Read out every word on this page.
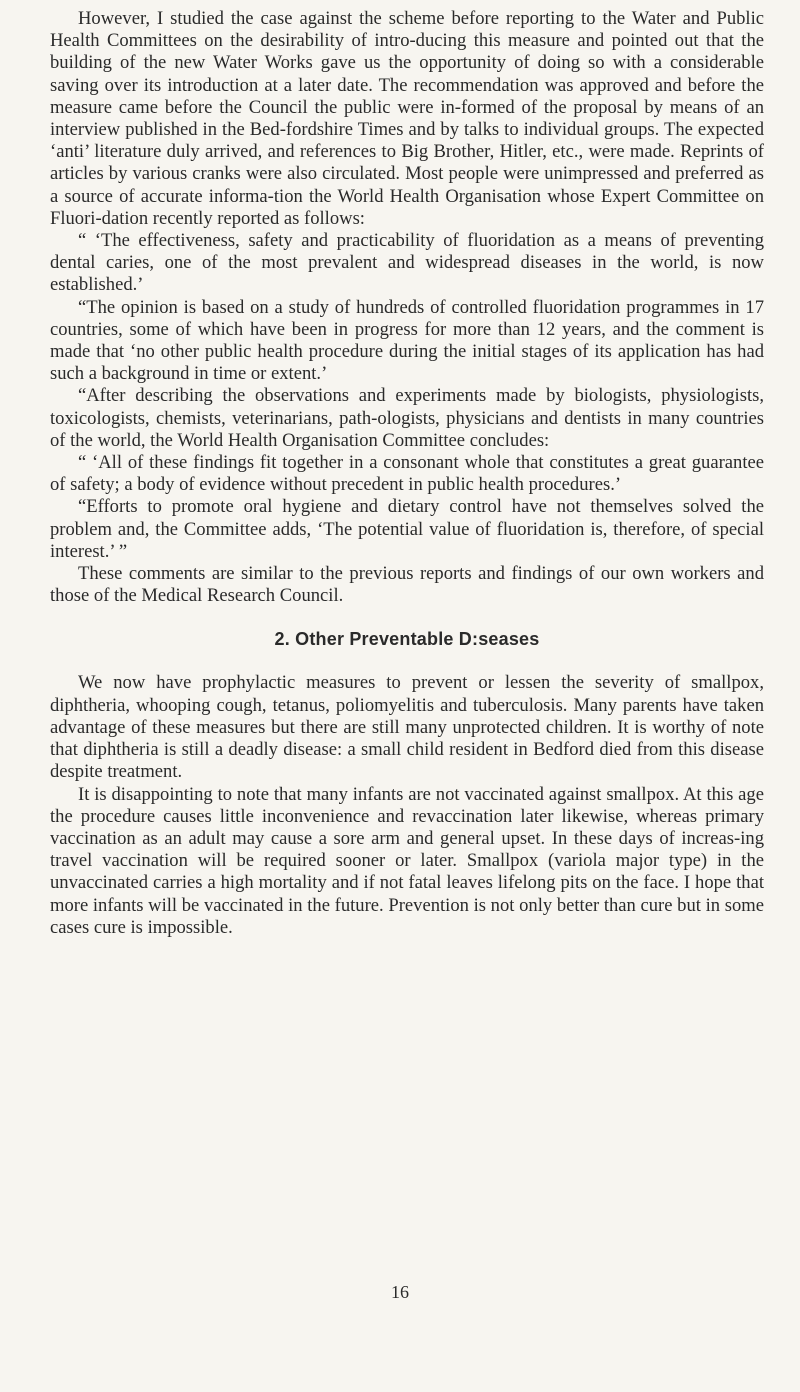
However, I studied the case against the scheme before reporting to the Water and Public Health Committees on the desirability of intro-ducing this measure and pointed out that the building of the new Water Works gave us the opportunity of doing so with a considerable saving over its introduction at a later date. The recommendation was approved and before the measure came before the Council the public were in-formed of the proposal by means of an interview published in the Bed-fordshire Times and by talks to individual groups. The expected ‘anti’ literature duly arrived, and references to Big Brother, Hitler, etc., were made. Reprints of articles by various cranks were also circulated. Most people were unimpressed and preferred as a source of accurate informa-tion the World Health Organisation whose Expert Committee on Fluori-dation recently reported as follows:

“ ‘The effectiveness, safety and practicability of fluoridation as a means of preventing dental caries, one of the most prevalent and widespread diseases in the world, is now established.’

“The opinion is based on a study of hundreds of controlled fluoridation programmes in 17 countries, some of which have been in progress for more than 12 years, and the comment is made that ‘no other public health procedure during the initial stages of its application has had such a background in time or extent.’

“After describing the observations and experiments made by biologists, physiologists, toxicologists, chemists, veterinarians, path-ologists, physicians and dentists in many countries of the world, the World Health Organisation Committee concludes:

“ ‘All of these findings fit together in a consonant whole that constitutes a great guarantee of safety; a body of evidence without precedent in public health procedures.’

“Efforts to promote oral hygiene and dietary control have not themselves solved the problem and, the Committee adds, ‘The potential value of fluoridation is, therefore, of special interest.’ ”

These comments are similar to the previous reports and findings of our own workers and those of the Medical Research Council.

2. Other Preventable D:seases

We now have prophylactic measures to prevent or lessen the severity of smallpox, diphtheria, whooping cough, tetanus, poliomyelitis and tuberculosis. Many parents have taken advantage of these measures but there are still many unprotected children. It is worthy of note that diphtheria is still a deadly disease: a small child resident in Bedford died from this disease despite treatment.

It is disappointing to note that many infants are not vaccinated against smallpox. At this age the procedure causes little inconvenience and revaccination later likewise, whereas primary vaccination as an adult may cause a sore arm and general upset. In these days of increas-ing travel vaccination will be required sooner or later. Smallpox (variola major type) in the unvaccinated carries a high mortality and if not fatal leaves lifelong pits on the face. I hope that more infants will be vaccinated in the future. Prevention is not only better than cure but in some cases cure is impossible.

16
